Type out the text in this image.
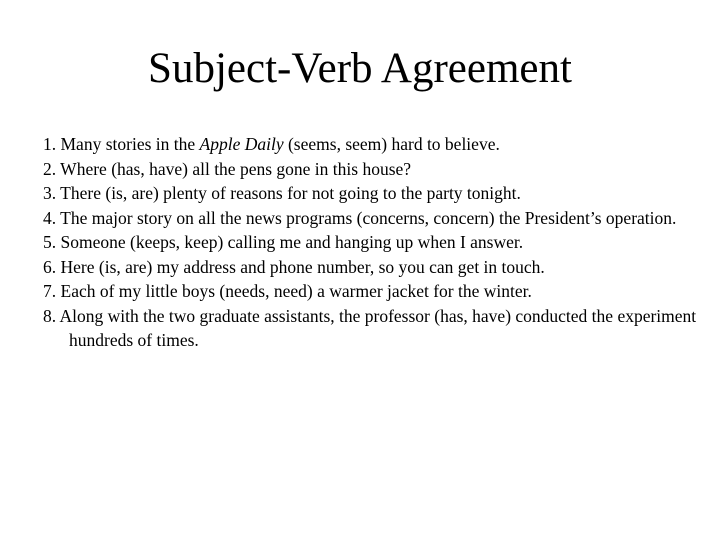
Subject-Verb Agreement
1. Many stories in the Apple Daily (seems, seem) hard to believe.
2. Where (has, have) all the pens gone in this house?
3. There (is, are) plenty of reasons for not going to the party tonight.
4. The major story on all the news programs (concerns, concern) the President’s operation.
5. Someone (keeps, keep) calling me and hanging up when I answer.
6. Here (is, are) my address and phone number, so you can get in touch.
7. Each of my little boys (needs, need) a warmer jacket for the winter.
8. Along with the two graduate assistants, the professor (has, have) conducted the experiment hundreds of times.
